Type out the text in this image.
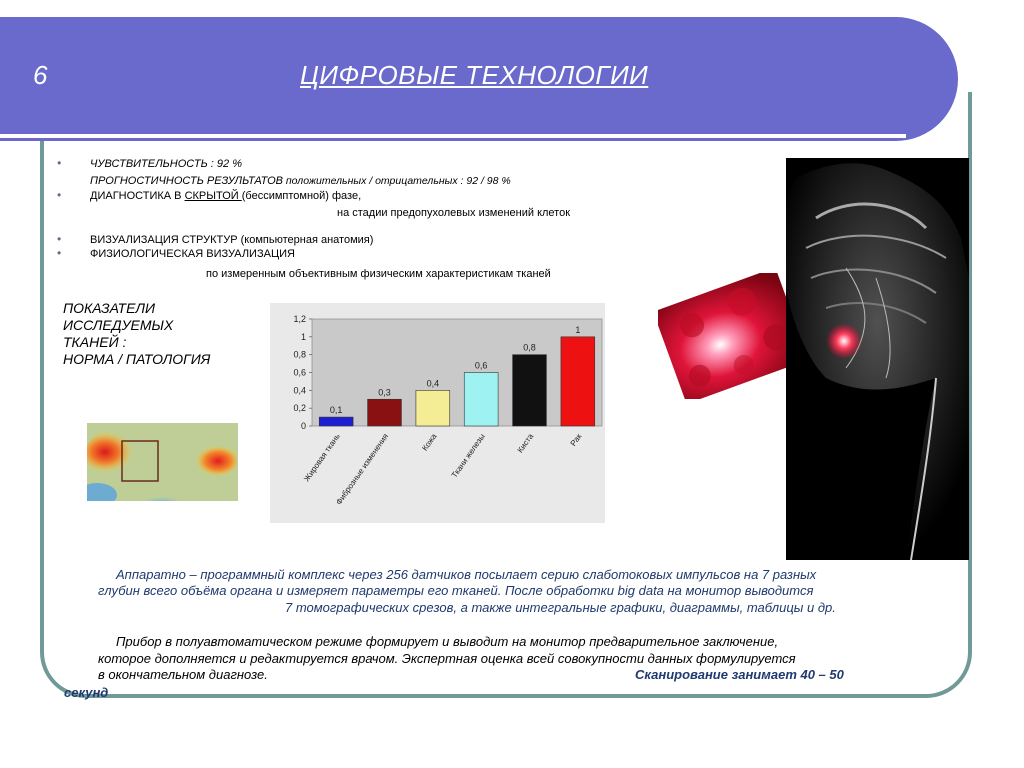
6	ЦИФРОВЫЕ ТЕХНОЛОГИИ
•	ЧУВСТВИТЕЛЬНОСТЬ : 92 %
ПРОГНОСТИЧНОСТЬ РЕЗУЛЬТАТОВ положительных / отрицательных : 92 / 98 %
•	ДИАГНОСТИКА В СКРЫТОЙ (бессимптомной) фазе,
на стадии предопухолевых изменений клеток
•	ВИЗУАЛИЗАЦИЯ СТРУКТУР (компьютерная анатомия)
•	ФИЗИОЛОГИЧЕСКАЯ ВИЗУАЛИЗАЦИЯ
по измеренным объективным физическим характеристикам тканей
ПОКАЗАТЕЛИ
ИССЛЕДУЕМЫХ
ТКАНЕЙ :
НОРМА / ПАТОЛОГИЯ
0
0,2
0,4
0,6
0,8
1
1,2
0,1
Жировая ткань
0,3
Фиброзные изменения
0,4
Кожа
0,6
Ткани железы
0,8
Киста
1
Рак
Аппаратно – программный комплекс через 256 датчиков посылает серию слаботоковых импульсов на 7 разных
глубин всего объёма органа и измеряет параметры его тканей. После обработки big data на монитор выводится
7 томографических срезов, а также интегральные графики, диаграммы, таблицы и др.
Прибор в полуавтоматическом режиме формирует и выводит на монитор предварительное заключение,
которое дополняется и редактируется врачом. Экспертная оценка всей совокупности данных формулируется
в окончательном диагнозе.	Сканирование занимает 40 – 50
секунд
